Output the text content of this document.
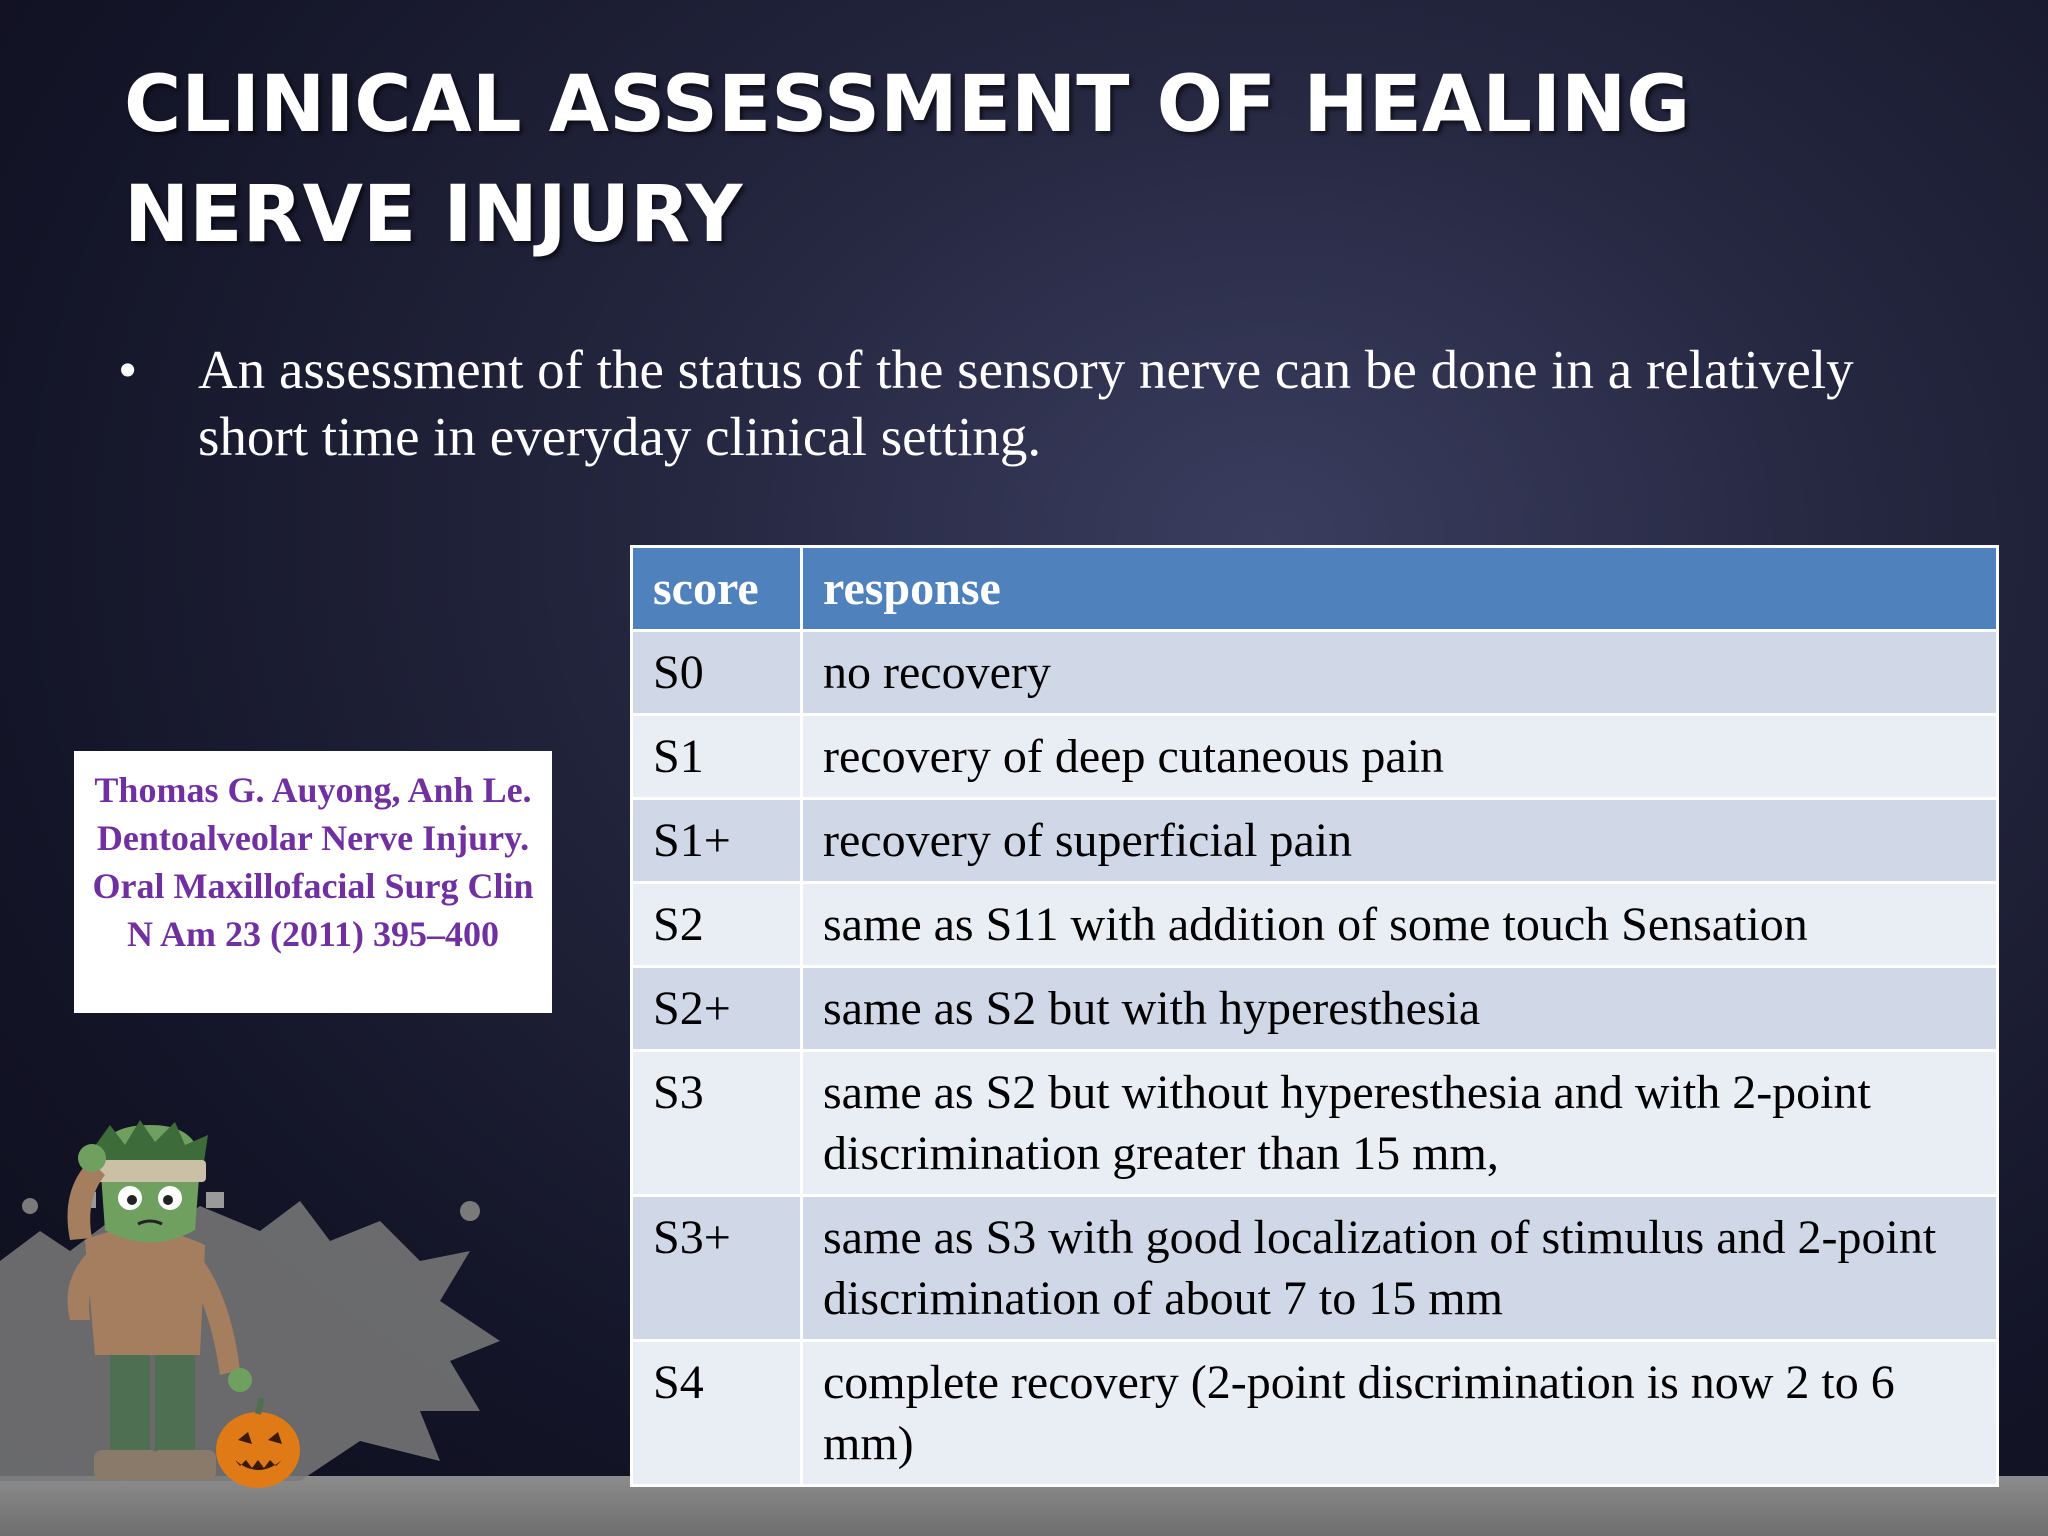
CLINICAL ASSESSMENT OF HEALING
NERVE INJURY
• An assessment of the status of the sensory nerve can be done in a relatively short time in everyday clinical setting.
Thomas G. Auyong, Anh Le. Dentoalveolar Nerve Injury. Oral Maxillofacial Surg Clin N Am 23 (2011) 395–400
score	response
S0	no recovery
S1	recovery of deep cutaneous pain
S1+	recovery of superficial pain
S2	same as S11 with addition of some touch Sensation
S2+	same as S2 but with hyperesthesia
S3	same as S2 but without hyperesthesia and with 2-point discrimination greater than 15 mm,
S3+	same as S3 with good localization of stimulus and 2-point discrimination of about 7 to 15 mm
S4	complete recovery (2-point discrimination is now 2 to 6 mm)
